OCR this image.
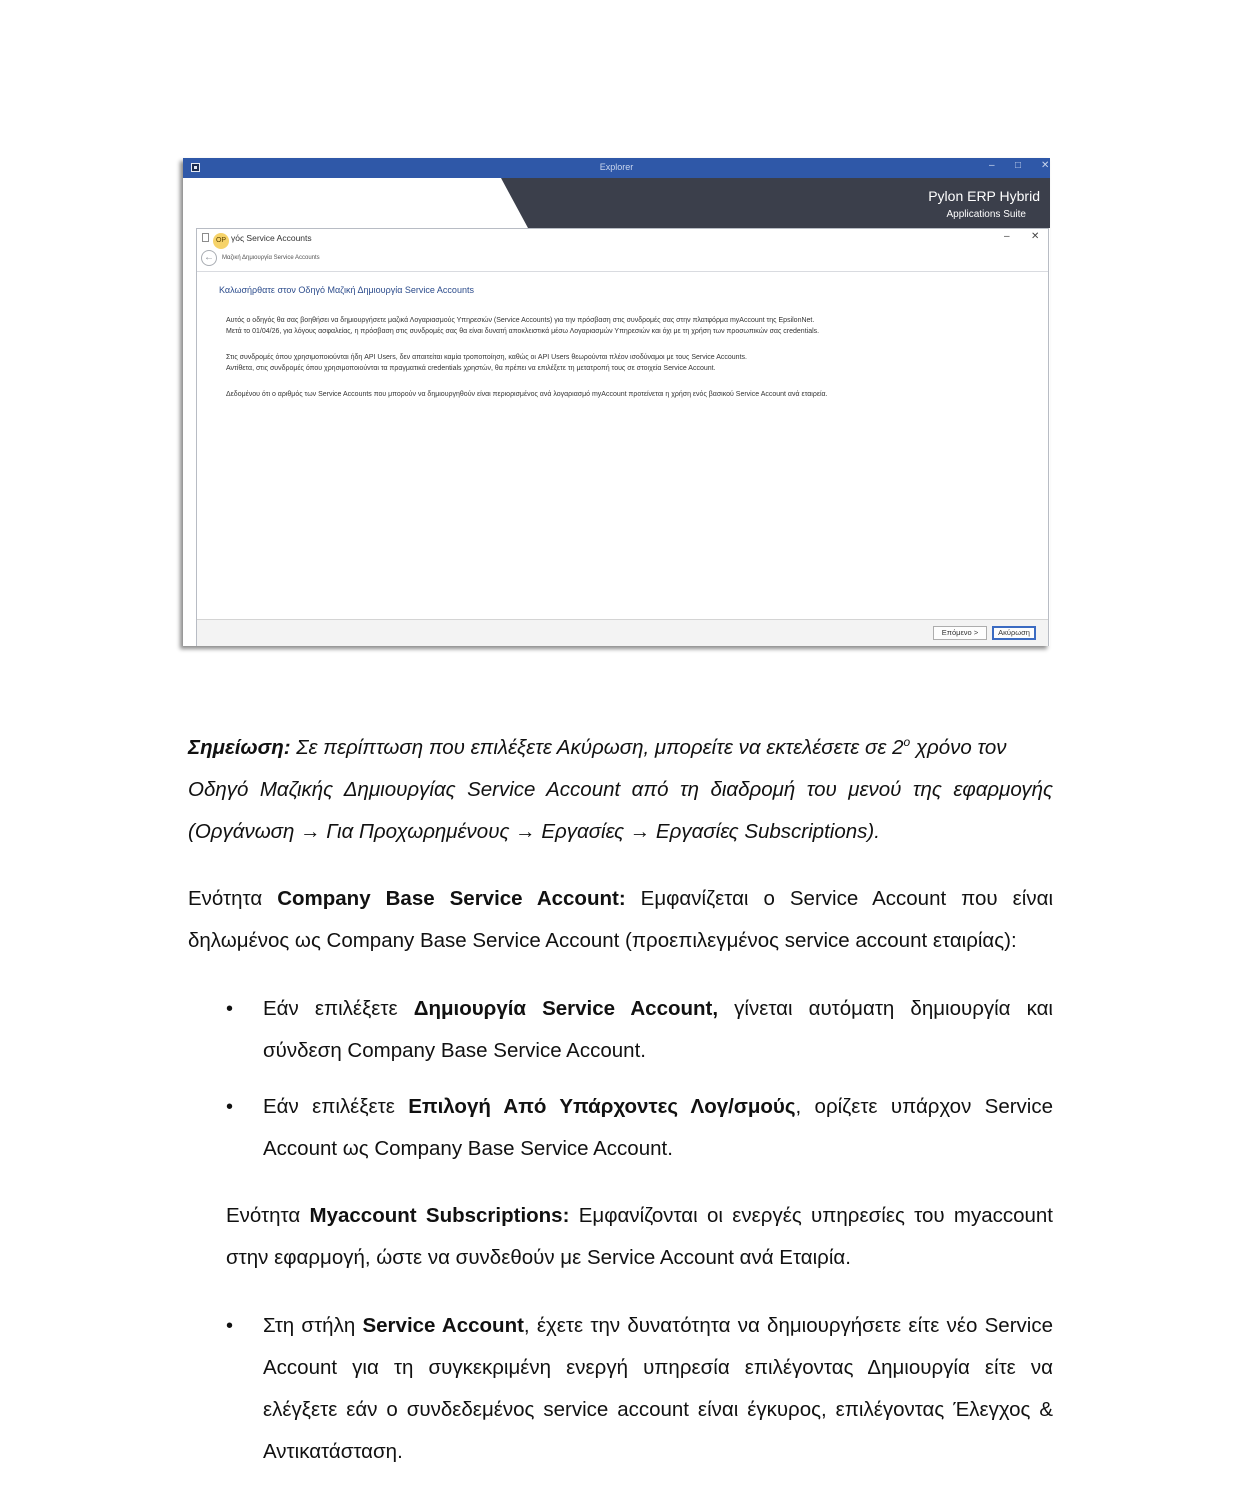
Explorer	– □ ✕
Pylon ERP Hybrid
Applications Suite
OP γός Service Accounts	– ✕
←	Μαζική Δημιουργία Service Accounts
Καλωσήρθατε στον Οδηγό Μαζική Δημιουργία Service Accounts
Αυτός ο οδηγός θα σας βοηθήσει να δημιουργήσετε μαζικά Λογαριασμούς Υπηρεσιών (Service Accounts) για την πρόσβαση στις συνδρομές σας στην πλατφόρμα myAccount της EpsilonNet.
Μετά το 01/04/26, για λόγους ασφαλείας, η πρόσβαση στις συνδρομές σας θα είναι δυνατή αποκλειστικά μέσω Λογαριασμών Υπηρεσιών και όχι με τη χρήση των προσωπικών σας credentials.
Στις συνδρομές όπου χρησιμοποιούνται ήδη API Users, δεν απαιτείται καμία τροποποίηση, καθώς οι API Users θεωρούνται πλέον ισοδύναμοι με τους Service Accounts.
Αντίθετα, στις συνδρομές όπου χρησιμοποιούνται τα πραγματικά credentials χρηστών, θα πρέπει να επιλέξετε τη μετατροπή τους σε στοιχεία Service Account.
Δεδομένου ότι ο αριθμός των Service Accounts που μπορούν να δημιουργηθούν είναι περιορισμένος ανά λογαριασμό myAccount προτείνεται η χρήση ενός βασικού Service Account ανά εταιρεία.
Επόμενο >	Ακύρωση

Σημείωση: Σε περίπτωση που επιλέξετε Ακύρωση, μπορείτε να εκτελέσετε σε $2^o$ χρόνο τον

Οδηγό Μαζικής Δημιουργίας Service Account από τη διαδρομή του μενού της εφαρμογής

(Οργάνωση → Για Προχωρημένους → Εργασίες → Εργασίες Subscriptions).

Ενότητα Company Base Service Account: Εμφανίζεται ο Service Account που είναι

δηλωμένος ως Company Base Service Account (προεπιλεγμένος service account εταιρίας):

• Εάν επιλέξετε Δημιουργία Service Account, γίνεται αυτόματη δημιουργία και

σύνδεση Company Base Service Account.

• Εάν επιλέξετε Επιλογή Από Υπάρχοντες Λογ/σμούς, ορίζετε υπάρχον Service

Account ως Company Base Service Account.

Ενότητα Myaccount Subscriptions: Εμφανίζονται οι ενεργές υπηρεσίες του myaccount

στην εφαρμογή, ώστε να συνδεθούν με Service Account ανά Εταιρία.

• Στη στήλη Service Account, έχετε την δυνατότητα να δημιουργήσετε είτε νέο Service

Account για τη συγκεκριμένη ενεργή υπηρεσία επιλέγοντας Δημιουργία είτε να

ελέγξετε εάν ο συνδεδεμένος service account είναι έγκυρος, επιλέγοντας Έλεγχος &

Αντικατάσταση.
